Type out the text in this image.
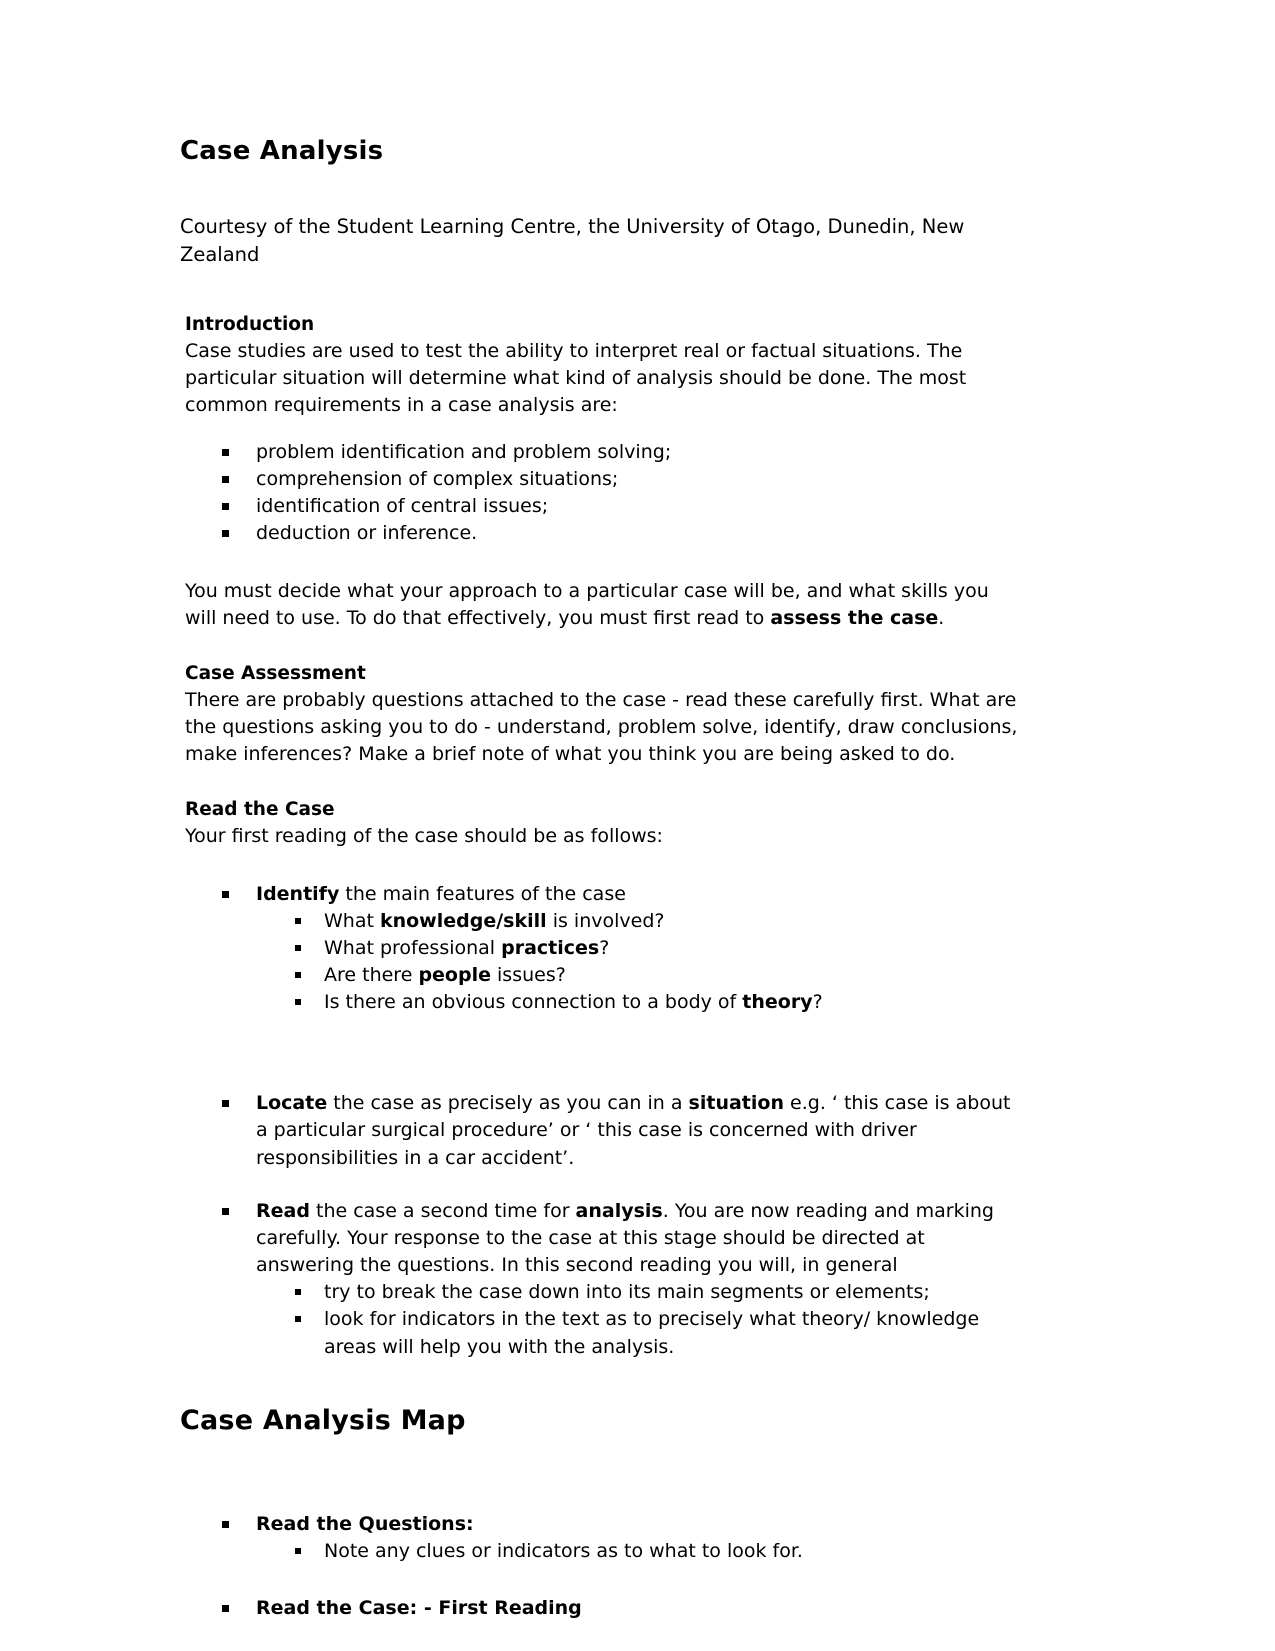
Case Analysis

Courtesy of the Student Learning Centre, the University of Otago, Dunedin, New Zealand

Introduction

Case studies are used to test the ability to interpret real or factual situations. The particular situation will determine what kind of analysis should be done. The most common requirements in a case analysis are:

problem identification and problem solving;
comprehension of complex situations;
identification of central issues;
deduction or inference.

You must decide what your approach to a particular case will be, and what skills you will need to use. To do that effectively, you must first read to assess the case.

Case Assessment

There are probably questions attached to the case - read these carefully first. What are the questions asking you to do - understand, problem solve, identify, draw conclusions, make inferences? Make a brief note of what you think you are being asked to do.

Read the Case

Your first reading of the case should be as follows:

Identify the main features of the case
What knowledge/skill is involved?
What professional practices?
Are there people issues?
Is there an obvious connection to a body of theory?
Locate the case as precisely as you can in a situation e.g. ‘ this case is about a particular surgical procedure’ or ‘ this case is concerned with driver responsibilities in a car accident’.
Read the case a second time for analysis. You are now reading and marking carefully. Your response to the case at this stage should be directed at answering the questions. In this second reading you will, in general
try to break the case down into its main segments or elements;
look for indicators in the text as to precisely what theory/ knowledge areas will help you with the analysis.
Case Analysis Map
Read the Questions:
Note any clues or indicators as to what to look for.
Read the Case: - First Reading
